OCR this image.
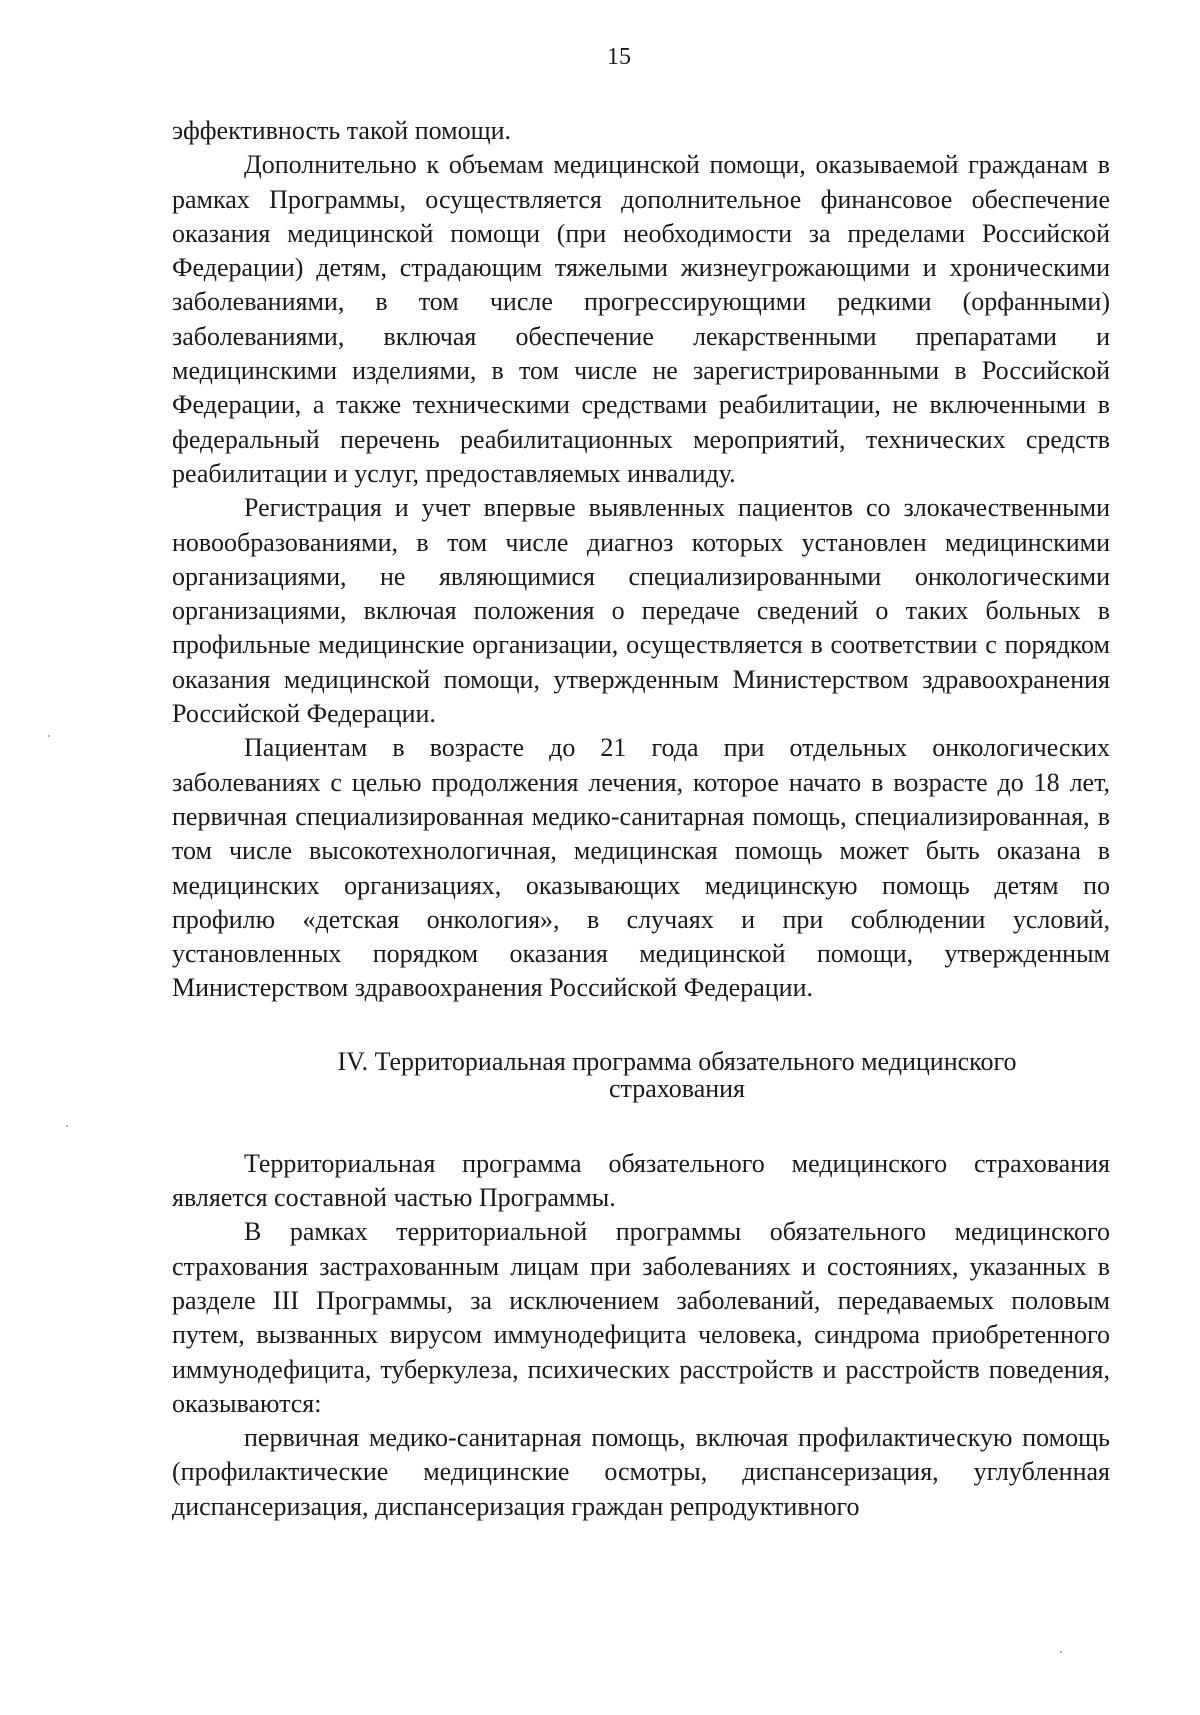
15

эффективность такой помощи.

Дополнительно к объемам медицинской помощи, оказываемой гражданам в рамках Программы, осуществляется дополнительное финансовое обеспечение оказания медицинской помощи (при необходимости за пределами Российской Федерации) детям, страдающим тяжелыми жизнеугрожающими и хроническими заболеваниями, в том числе прогрессирующими редкими (орфанными) заболеваниями, включая обеспечение лекарственными препаратами и медицинскими изделиями, в том числе не зарегистрированными в Российской Федерации, а также техническими средствами реабилитации, не включенными в федеральный перечень реабилитационных мероприятий, технических средств реабилитации и услуг, предоставляемых инвалиду.

Регистрация и учет впервые выявленных пациентов со злокачественными новообразованиями, в том числе диагноз которых установлен медицинскими организациями, не являющимися специализированными онкологическими организациями, включая положения о передаче сведений о таких больных в профильные медицинские организации, осуществляется в соответствии с порядком оказания медицинской помощи, утвержденным Министерством здравоохранения Российской Федерации.

Пациентам в возрасте до 21 года при отдельных онкологических заболеваниях с целью продолжения лечения, которое начато в возрасте до 18 лет, первичная специализированная медико-санитарная помощь, специализированная, в том числе высокотехнологичная, медицинская помощь может быть оказана в медицинских организациях, оказывающих медицинскую помощь детям по профилю «детская онкология», в случаях и при соблюдении условий, установленных порядком оказания медицинской помощи, утвержденным Министерством здравоохранения Российской Федерации.

IV. Территориальная программа обязательного медицинского
страхования

Территориальная программа обязательного медицинского страхования является составной частью Программы.

В рамках территориальной программы обязательного медицинского страхования застрахованным лицам при заболеваниях и состояниях, указанных в разделе III Программы, за исключением заболеваний, передаваемых половым путем, вызванных вирусом иммунодефицита человека, синдрома приобретенного иммунодефицита, туберкулеза, психических расстройств и расстройств поведения, оказываются:

первичная медико-санитарная помощь, включая профилактическую помощь (профилактические медицинские осмотры, диспансеризация, углубленная диспансеризация, диспансеризация граждан репродуктивного
